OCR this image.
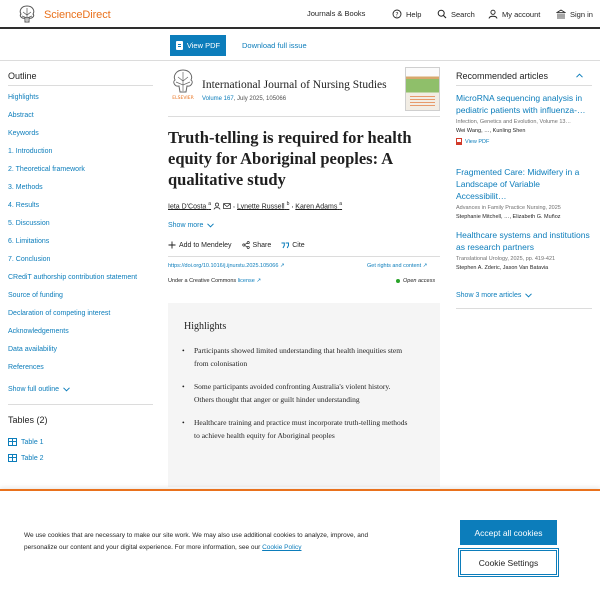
ScienceDirect	Journals & Books	? Help	Search	My account	Sign in
View PDF	Download full issue
Outline
Highlights
Abstract
Keywords
1. Introduction
2. Theoretical framework
3. Methods
4. Results
5. Discussion
6. Limitations
7. Conclusion
CRediT authorship contribution statement
Source of funding
Declaration of competing interest
Acknowledgements
Data availability
References
Show full outline
Tables (2)
Table 1
Table 2
ELSEVIER
International Journal of Nursing Studies
Volume 167, July 2025, 105066
Truth-telling is required for health equity for Aboriginal peoples: A qualitative study
Ieta D'Costa $^a$	, Lynette Russell $^b$ , Karen Adams $^a$
Show more
Add to Mendeley	Share	Cite
https://doi.org/10.1016/j.ijnurstu.2025.105066 ↗	Get rights and content ↗
Under a Creative Commons license ↗	Open access
Highlights
• Participants showed limited understanding that health inequities stem from colonisation
• Some participants avoided confronting Australia's violent history. Others thought that anger or guilt hinder understanding
• Healthcare training and practice must incorporate truth-telling methods to achieve health equity for Aboriginal peoples
Recommended articles
MicroRNA sequencing analysis in pediatric patients with influenza-…
Infection, Genetics and Evolution, Volume 13…
Wei Wang, …, Kunling Shen
View PDF
Fragmented Care: Midwifery in a Landscape of Variable Accessibilit…
Advances in Family Practice Nursing, 2025
Stephanie Mitchell, …, Elizabeth G. Muñoz
Healthcare systems and institutions as research partners
Translational Urology, 2025, pp. 419-421
Stephen A. Zderic, Jason Van Batavia
Show 3 more articles

We use cookies that are necessary to make our site work. We may also use additional cookies to analyze, improve, and personalize our content and your digital experience. For more information, see our Cookie Policy

Accept all cookies
Cookie Settings
